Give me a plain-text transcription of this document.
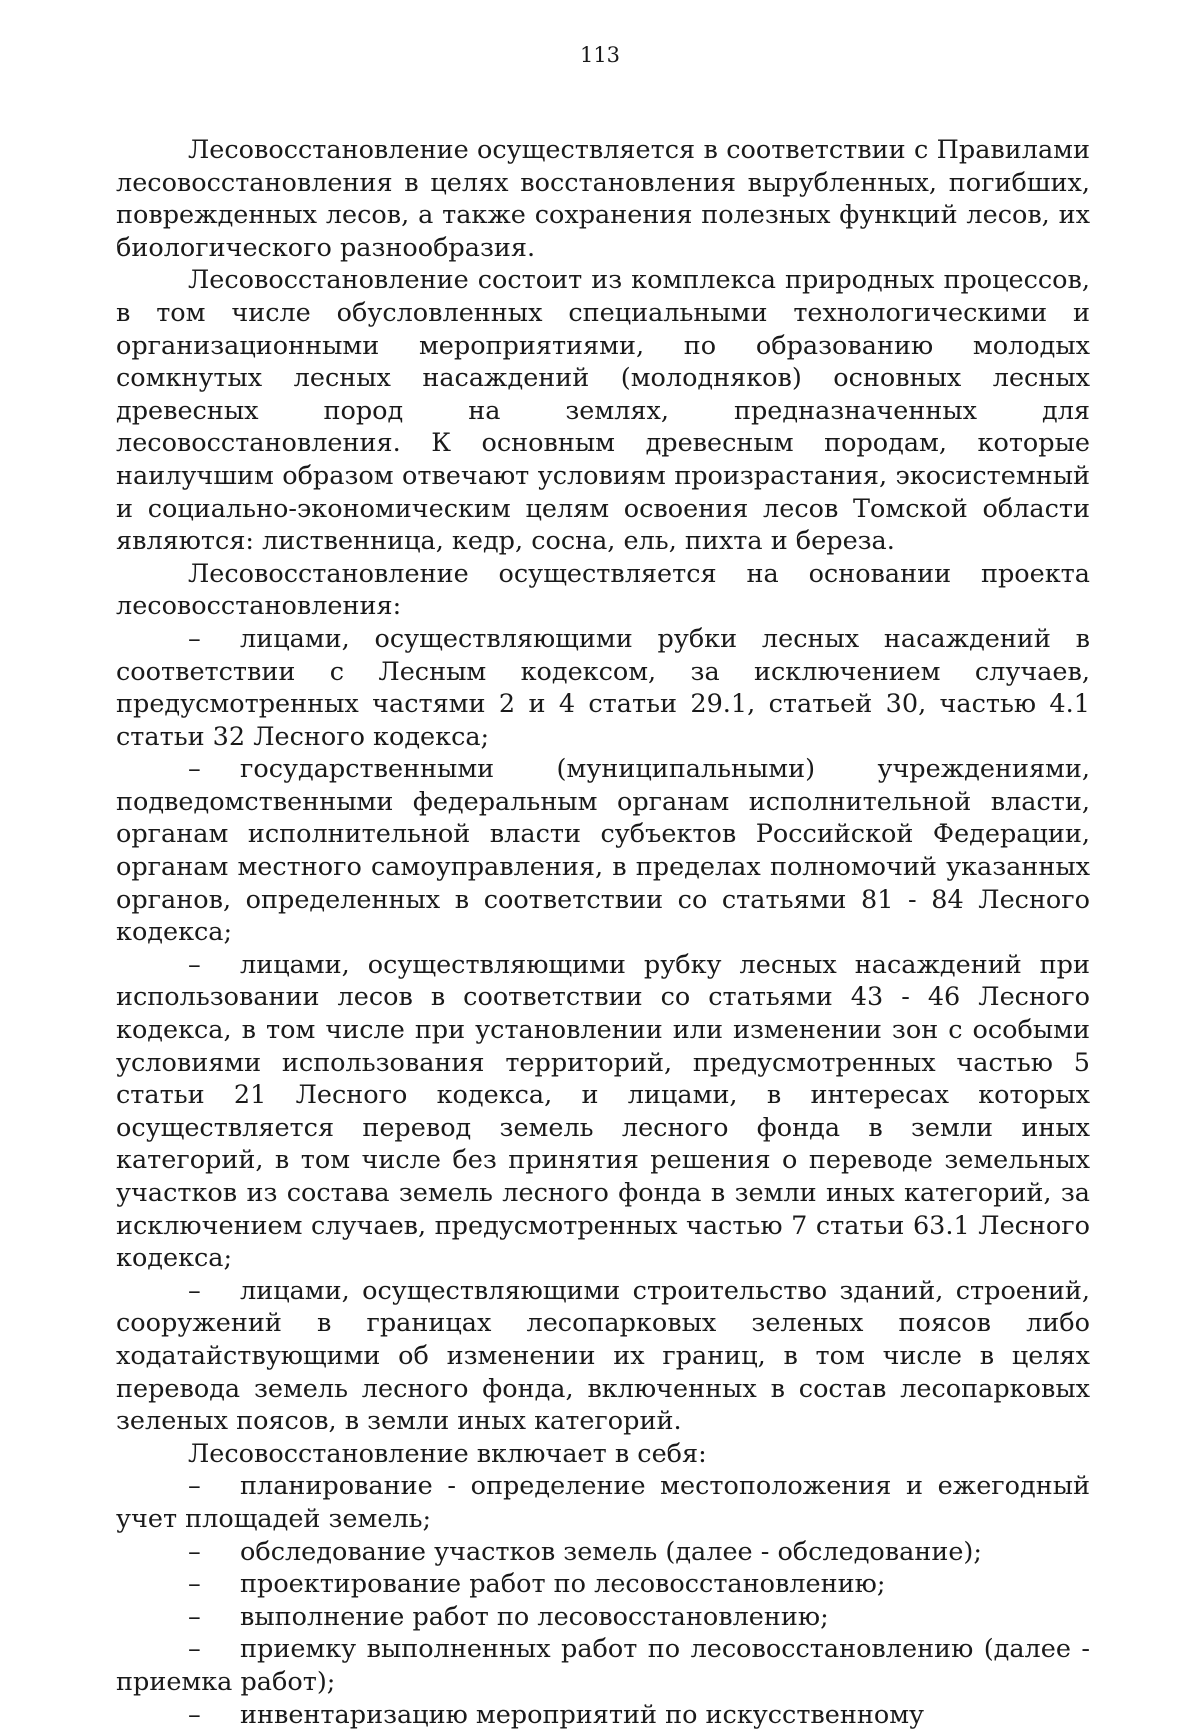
113

Лесовосстановление осуществляется в соответствии с Правилами лесовосстановления в целях восстановления вырубленных, погибших, поврежденных лесов, а также сохранения полезных функций лесов, их биологического разнообразия.

Лесовосстановление состоит из комплекса природных процессов, в том числе обусловленных специальными технологическими и организационными мероприятиями, по образованию молодых сомкнутых лесных насаждений (молодняков) основных лесных древесных пород на землях, предназначенных для лесовосстановления. К основным древесным породам, которые наилучшим образом отвечают условиям произрастания, экосистемный и социально-экономическим целям освоения лесов Томской области являются: лиственница, кедр, сосна, ель, пихта и береза.

Лесовосстановление осуществляется на основании проекта лесовосстановления:

– лицами, осуществляющими рубки лесных насаждений в соответствии с Лесным кодексом, за исключением случаев, предусмотренных частями 2 и 4 статьи 29.1, статьей 30, частью 4.1 статьи 32 Лесного кодекса;

– государственными (муниципальными) учреждениями, подведомственными федеральным органам исполнительной власти, органам исполнительной власти субъектов Российской Федерации, органам местного самоуправления, в пределах полномочий указанных органов, определенных в соответствии со статьями 81 - 84 Лесного кодекса;

– лицами, осуществляющими рубку лесных насаждений при использовании лесов в соответствии со статьями 43 - 46 Лесного кодекса, в том числе при установлении или изменении зон с особыми условиями использования территорий, предусмотренных частью 5 статьи 21 Лесного кодекса, и лицами, в интересах которых осуществляется перевод земель лесного фонда в земли иных категорий, в том числе без принятия решения о переводе земельных участков из состава земель лесного фонда в земли иных категорий, за исключением случаев, предусмотренных частью 7 статьи 63.1 Лесного кодекса;

– лицами, осуществляющими строительство зданий, строений, сооружений в границах лесопарковых зеленых поясов либо ходатайствующими об изменении их границ, в том числе в целях перевода земель лесного фонда, включенных в состав лесопарковых зеленых поясов, в земли иных категорий.

Лесовосстановление включает в себя:

– планирование - определение местоположения и ежегодный учет площадей земель;

– обследование участков земель (далее - обследование);

– проектирование работ по лесовосстановлению;

– выполнение работ по лесовосстановлению;

– приемку выполненных работ по лесовосстановлению (далее - приемка работ);

– инвентаризацию мероприятий по искусственному
